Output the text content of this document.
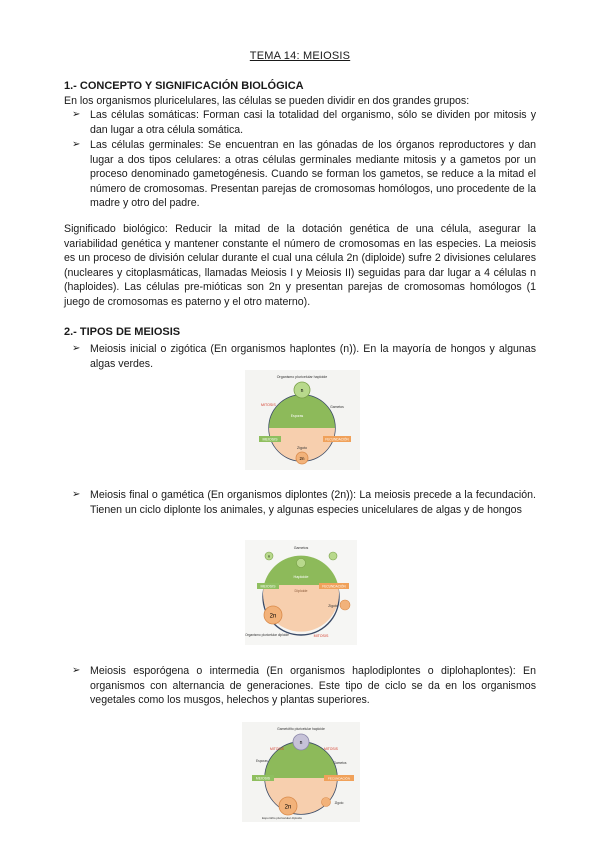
TEMA 14: MEIOSIS
1.- CONCEPTO Y SIGNIFICACIÓN BIOLÓGICA
En los organismos pluricelulares, las células se pueden dividir en dos grandes grupos:
➢ Las células somáticas: Forman casi la totalidad del organismo, sólo se dividen por mitosis y dan lugar a otra célula somática.
➢ Las células germinales: Se encuentran en las gónadas de los órganos reproductores y dan lugar a dos tipos celulares: a otras células germinales mediante mitosis y a gametos por un proceso denominado gametogénesis. Cuando se forman los gametos, se reduce a la mitad el número de cromosomas. Presentan parejas de cromosomas homólogos, uno procedente de la madre y otro del padre.
Significado biológico: Reducir la mitad de la dotación genética de una célula, asegurar la variabilidad genética y mantener constante el número de cromosomas en las especies. La meiosis es un proceso de división celular durante el cual una célula 2n (diploide) sufre 2 divisiones celulares (nucleares y citoplasmáticas, llamadas Meiosis I y Meiosis II) seguidas para dar lugar a 4 células n (haploides). Las células pre-mióticas son 2n y presentan parejas de cromosomas homólogos (1 juego de cromosomas es paterno y el otro materno).
2.- TIPOS DE MEIOSIS
➢ Meiosis inicial o zigótica (En organismos haplontes (n)). En la mayoría de hongos y algunas algas verdes.
n
Organismo pluricelular haploide
2n
Zigoto
MEIOSIS	FECUNDACIÓN
MITOSIS
Esporas
Gametos
➢ Meiosis final o gamética (En organismos diplontes (2n)): La meiosis precede a la fecundación. Tienen un ciclo diplonte los animales, y algunas especies unicelulares de algas y de hongos
n
Gametos
Haploide
Diploide
MEIOSIS	FECUNDACIÓN
2n
Zigoto
MITOSIS
Organismo pluricelular diploide
➢ Meiosis esporógena o intermedia (En organismos haplodiplontes o diplohaplontes): En organismos con alternancia de generaciones. Este tipo de ciclo se da en los organismos vegetales como los musgos, helechos y plantas superiores.
n
Gametófito pluricelular haploide
MITOSIS	MITOSIS
MEIOSIS	FECUNDACIÓN
Esporas	Gametos
2n
Zigoto
Esporófito pluricelular diploide
